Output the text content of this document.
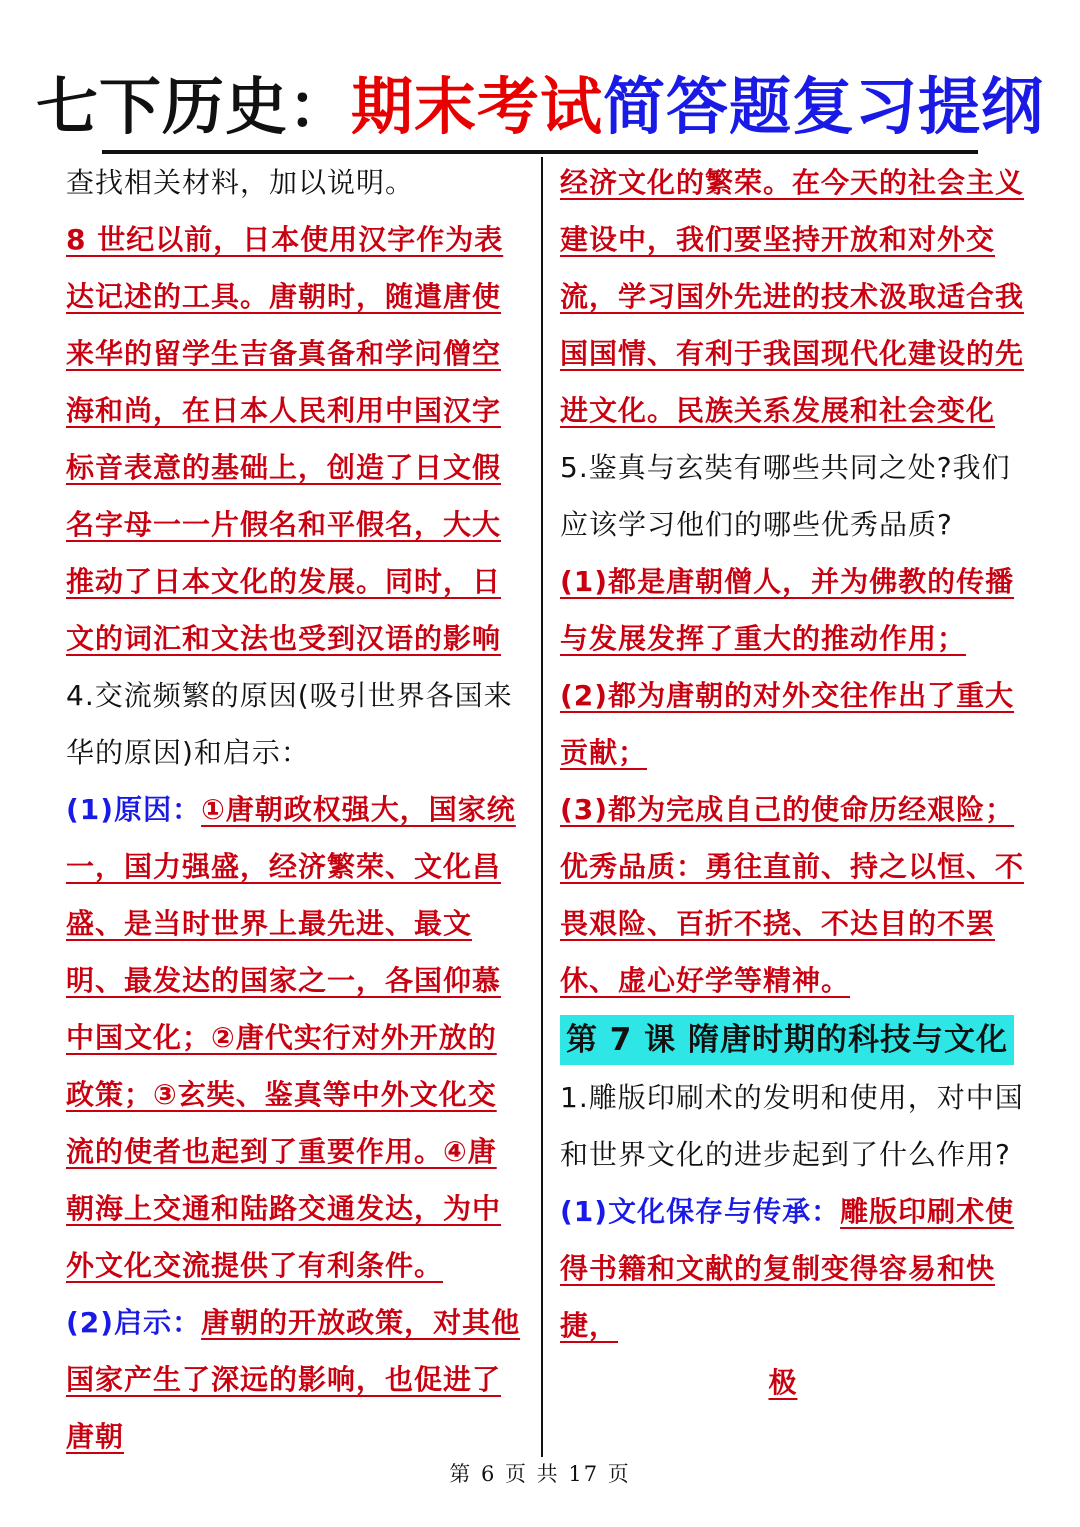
七下历史：期末考试简答题复习提纲

查找相关材料，加以说明。

8 世纪以前，日本使用汉字作为表达记述的工具。唐朝时，随遣唐使来华的留学生吉备真备和学问僧空海和尚，在日本人民利用中国汉字标音表意的基础上，创造了日文假名字母一一片假名和平假名，大大推动了日本文化的发展。同时，日文的词汇和文法也受到汉语的影响

4.交流频繁的原因(吸引世界各国来华的原因)和启示：

(1)原因：①唐朝政权强大，国家统一，国力强盛，经济繁荣、文化昌盛、是当时世界上最先进、最文明、最发达的国家之一，各国仰慕中国文化；②唐代实行对外开放的政策；③玄奘、鉴真等中外文化交流的使者也起到了重要作用。④唐朝海上交通和陆路交通发达，为中外文化交流提供了有利条件。

(2)启示：唐朝的开放政策，对其他国家产生了深远的影响，也促进了唐朝

经济文化的繁荣。在今天的社会主义建设中，我们要坚持开放和对外交流，学习国外先进的技术汲取适合我国国情、有利于我国现代化建设的先进文化。民族关系发展和社会变化

5.鉴真与玄奘有哪些共同之处?我们应该学习他们的哪些优秀品质?

(1)都是唐朝僧人，并为佛教的传播与发展发挥了重大的推动作用；

(2)都为唐朝的对外交往作出了重大贡献；

(3)都为完成自己的使命历经艰险；

优秀品质：勇往直前、持之以恒、不畏艰险、百折不挠、不达目的不罢休、虚心好学等精神。

第 7 课 隋唐时期的科技与文化

1.雕版印刷术的发明和使用，对中国和世界文化的进步起到了什么作用?

(1)文化保存与传承：雕版印刷术使得书籍和文献的复制变得容易和快捷，

极

第 6 页 共 17 页
